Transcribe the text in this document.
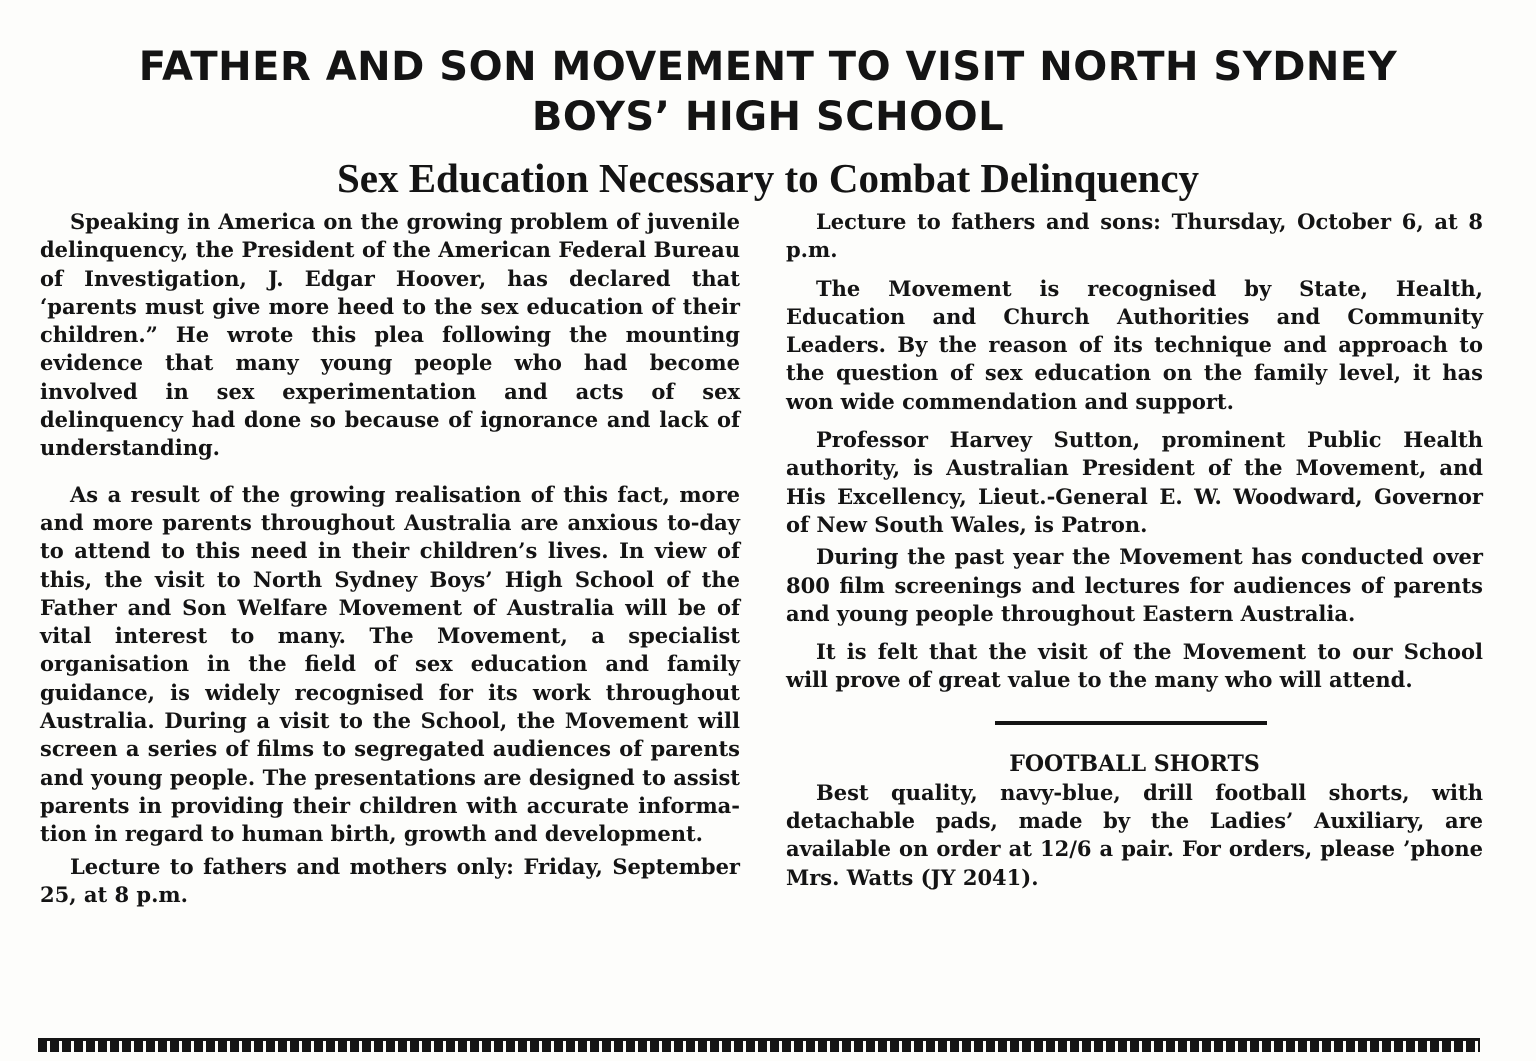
FATHER AND SON MOVEMENT TO VISIT NORTH SYDNEY
BOYS’ HIGH SCHOOL
Sex Education Necessary to Combat Delinquency

Speaking in America on the growing problem of juvenile delinquency, the President of the American Federal Bureau of Investigation, J. Edgar Hoover, has declared that ‘parents must give more heed to the sex education of their children.” He wrote this plea following the mounting evidence that many young people who had become involved in sex experimentation and acts of sex delinquency had done so because of ignorance and lack of understanding.

As a result of the growing realisation of this fact, more and more parents throughout Australia are anxious to-day to attend to this need in their children’s lives. In view of this, the visit to North Sydney Boys’ High School of the Father and Son Welfare Movement of Australia will be of vital interest to many. The Movement, a specialist organisation in the field of sex education and family guidance, is widely recognised for its work throughout Australia. During a visit to the School, the Movement will screen a series of films to segregated audiences of parents and young people. The presentations are designed to assist parents in providing their children with accurate information in regard to human birth, growth and development.

Lecture to fathers and mothers only: Friday, September 25, at 8 p.m.

Lecture to fathers and sons: Thursday, October 6, at 8 p.m.

The Movement is recognised by State, Health, Education and Church Authorities and Community Leaders. By the reason of its technique and approach to the question of sex education on the family level, it has won wide commendation and support.

Professor Harvey Sutton, prominent Public Health authority, is Australian President of the Movement, and His Excellency, Lieut.-General E. W. Woodward, Governor of New South Wales, is Patron.

During the past year the Movement has conducted over 800 film screenings and lectures for audiences of parents and young people throughout Eastern Australia.

It is felt that the visit of the Movement to our School will prove of great value to the many who will attend.

FOOTBALL SHORTS

Best quality, navy-blue, drill football shorts, with detachable pads, made by the Ladies’ Auxiliary, are available on order at 12/6 a pair. For orders, please ’phone Mrs. Watts (JY 2041).
